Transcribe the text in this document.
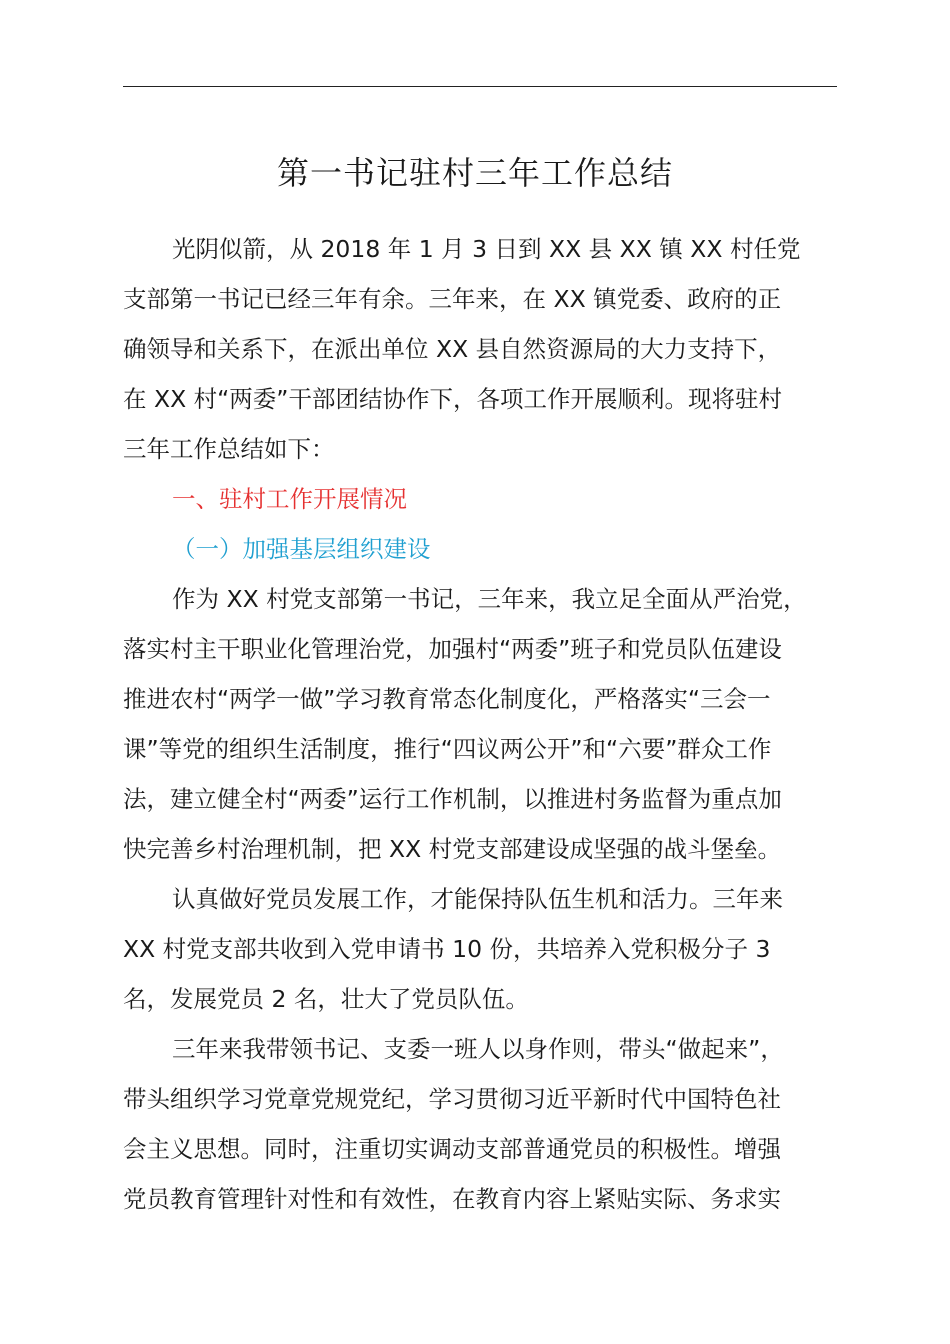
第一书记驻村三年工作总结
光阴似箭，从 2018 年 1 月 3 日到 XX 县 XX 镇 XX 村任党
支部第一书记已经三年有余。三年来，在 XX 镇党委、政府的正
确领导和关系下，在派出单位 XX 县自然资源局的大力支持下，
在 XX 村“两委”干部团结协作下，各项工作开展顺利。现将驻村
三年工作总结如下：
一、驻村工作开展情况
（一）加强基层组织建设
作为 XX 村党支部第一书记，三年来，我立足全面从严治党，
落实村主干职业化管理治党，加强村“两委”班子和党员队伍建设
推进农村“两学一做”学习教育常态化制度化，严格落实“三会一
课”等党的组织生活制度，推行“四议两公开”和“六要”群众工作
法，建立健全村“两委”运行工作机制，以推进村务监督为重点加
快完善乡村治理机制，把 XX 村党支部建设成坚强的战斗堡垒。
认真做好党员发展工作，才能保持队伍生机和活力。三年来
XX 村党支部共收到入党申请书 10 份，共培养入党积极分子 3
名，发展党员 2 名，壮大了党员队伍。
三年来我带领书记、支委一班人以身作则，带头“做起来”，
带头组织学习党章党规党纪，学习贯彻习近平新时代中国特色社
会主义思想。同时，注重切实调动支部普通党员的积极性。增强
党员教育管理针对性和有效性，在教育内容上紧贴实际、务求实
